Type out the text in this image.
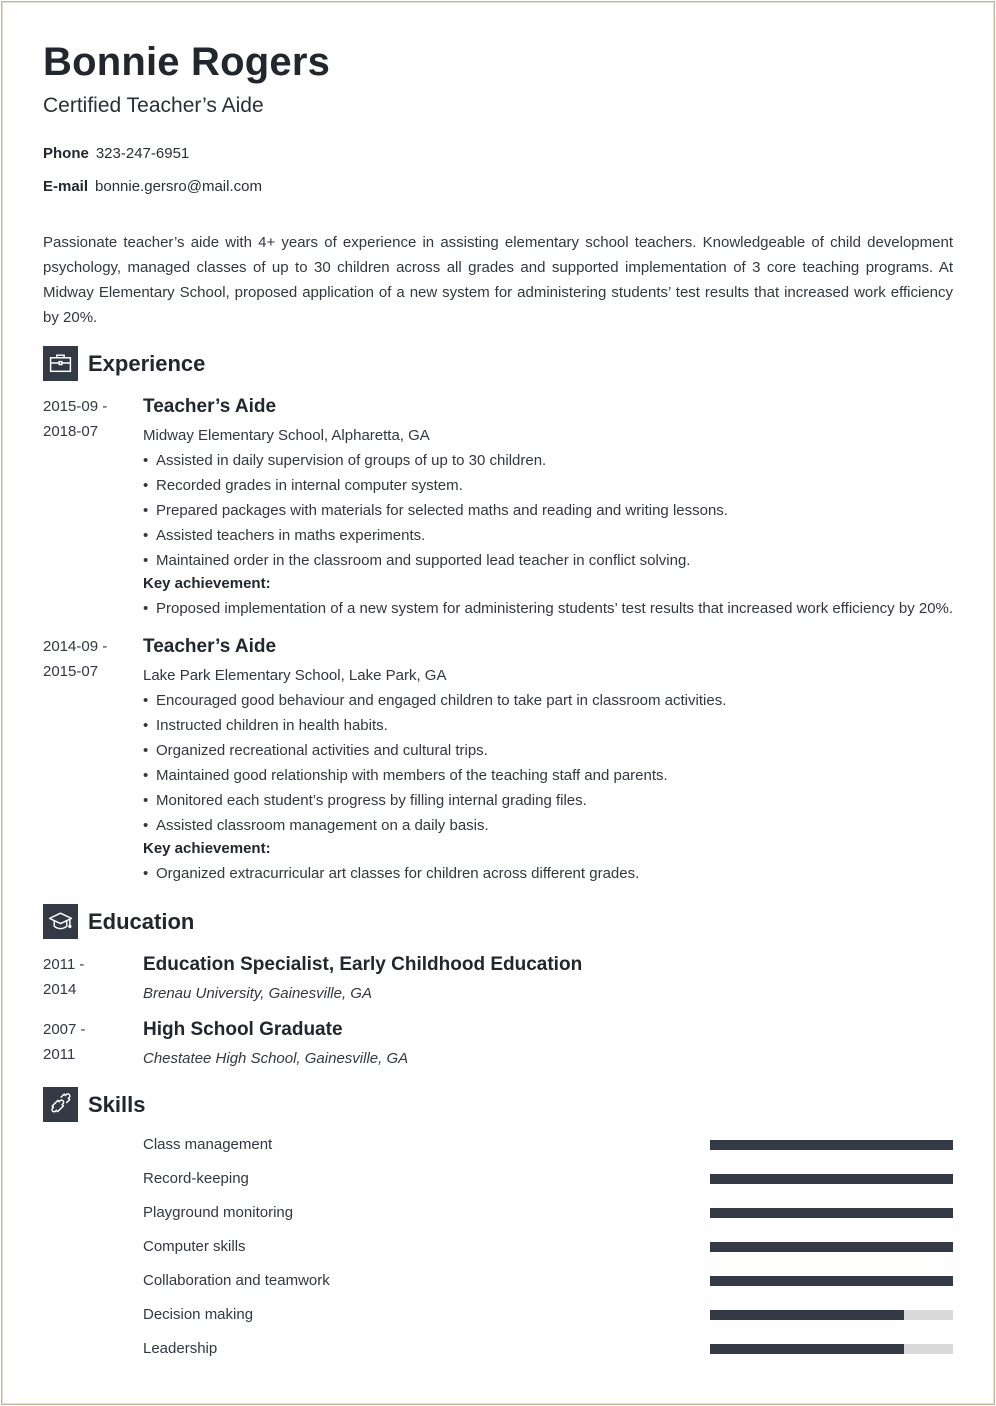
Bonnie Rogers
Certified Teacher’s Aide
Phone 323-247-6951
E-mail bonnie.gersro@mail.com
Passionate teacher’s aide with 4+ years of experience in assisting elementary school teachers. Knowledgeable of child development psychology, managed classes of up to 30 children across all grades and supported implementation of 3 core teaching programs. At Midway Elementary School, proposed application of a new system for administering students’ test results that increased work efficiency by 20%.
Experience
2015-09 -
2018-07
Teacher’s Aide
Midway Elementary School, Alpharetta, GA
• Assisted in daily supervision of groups of up to 30 children.
• Recorded grades in internal computer system.
• Prepared packages with materials for selected maths and reading and writing lessons.
• Assisted teachers in maths experiments.
• Maintained order in the classroom and supported lead teacher in conflict solving.
Key achievement:
• Proposed implementation of a new system for administering students’ test results that increased work efficiency by 20%.
2014-09 -
2015-07
Teacher’s Aide
Lake Park Elementary School, Lake Park, GA
• Encouraged good behaviour and engaged children to take part in classroom activities.
• Instructed children in health habits.
• Organized recreational activities and cultural trips.
• Maintained good relationship with members of the teaching staff and parents.
• Monitored each student’s progress by filling internal grading files.
• Assisted classroom management on a daily basis.
Key achievement:
• Organized extracurricular art classes for children across different grades.
Education
2011 -
2014
Education Specialist, Early Childhood Education
Brenau University, Gainesville, GA
2007 -
2011
High School Graduate
Chestatee High School, Gainesville, GA
Skills
Class management
Record-keeping
Playground monitoring
Computer skills
Collaboration and teamwork
Decision making
Leadership
